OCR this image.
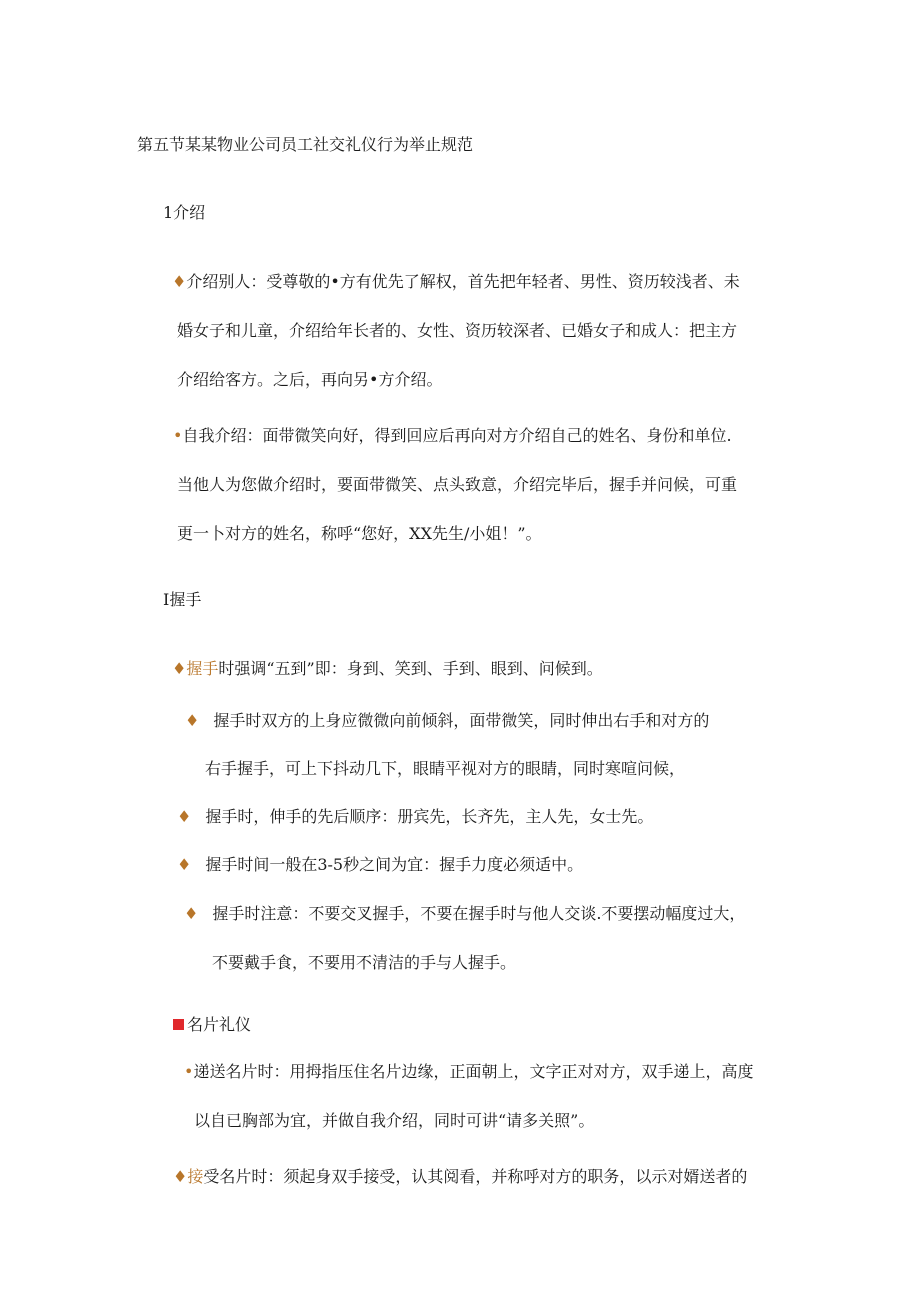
第五节某某物业公司员工社交礼仪行为举止规范
1介绍
♦介绍别人：受尊敬的•方有优先了解权，首先把年轻者、男性、资历较浅者、未
婚女子和儿童，介绍给年长者的、女性、资历较深者、已婚女子和成人：把主方
介绍给客方。之后，再向另•方介绍。
•自我介绍：面带微笑向好，得到回应后再向对方介绍自己的姓名、身份和单位.
当他人为您做介绍时，要面带微笑、点头致意，介绍完毕后，握手并问候，可重
更一卜对方的姓名，称呼“您好，XX先生/小姐！”。
I握手
♦握手时强调“五到”即：身到、笑到、手到、眼到、问候到。
♦ 握手时双方的上身应微微向前倾斜，面带微笑，同时伸出右手和对方的
右手握手，可上下抖动几下，眼睛平视对方的眼睛，同时寒喧问候，
♦ 握手时，伸手的先后顺序：册宾先，长齐先，主人先，女士先。
♦ 握手时间一般在3-5秒之间为宜：握手力度必须适中。
♦ 握手时注意：不要交叉握手，不要在握手时与他人交谈.不要摆动幅度过大，
不要戴手食，不要用不清洁的手与人握手。
名片礼仪
•递送名片时：用拇指压住名片边缘，正面朝上，文字正对对方，双手递上，高度
以自已胸部为宜，并做自我介绍，同时可讲“请多关照”。
♦接受名片时：须起身双手接受，认其阅看，并称呼对方的职务，以示对婿送者的
